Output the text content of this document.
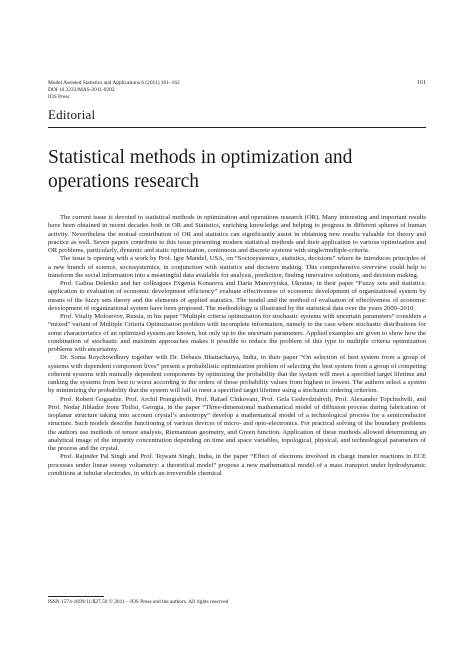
Model Assisted Statistics and Applications 6 (2011) 161–162
DOI 10.3233/MAS-2011-0202
IOS Press
161
Editorial
Statistical methods in optimization and
operations research

The current issue is devoted to statistical methods in optimization and operations research (OR). Many interesting and important results have been obtained in recent decades both in OR and Statistics, enriching knowledge and helping to progress in different spheres of human activity. Nevertheless the mutual contribution of OR and statistics can significantly assist in obtaining new results valuable for theory and practice as well. Seven papers contribute to this issue presenting modern statistical methods and their application to various optimization and OR problems, particularly, dynamic and static optimization, continuous and discrete systems with single/multiple-criteria.

The issue is opening with a work by Prof. Igor Mandel, USA, on “Sociosystemics, statistics, decisions” where he introduces principles of a new branch of science, sociosystemics, in conjunction with statistics and decision making. This comprehensive overview could help to transform the social information into a meaningful data available for analysis, prediction, finding innovative solutions, and decision making.

Prof. Galina Dolenko and her colleagues Evgenia Konareva and Daria Manovytska, Ukraine, in their paper “Fuzzy sets and statistics: application to evaluation of economic development efficiency” evaluate effectiveness of economic development of organizational system by means of the fuzzy sets theory and the elements of applied statistics. The model and the method of evaluation of effectiveness of economic development of organizational system have been proposed. The methodology is illustrated by the statistical data over the years 2009–2010.

Prof. Vitaliy Molostvov, Russia, in his paper “Multiple criteria optimization for stochastic systems with uncertain parameters” considers a “mixed” variant of Multiple Criteria Optimization problem with incomplete information, namely to the case where stochastic distributions for some characteristics of an optimized system are known, but only up to the uncertain parameters. Applied examples are given to show how the combination of stochastic and maximin approaches makes it possible to reduce the problem of this type to multiple criteria optimization problems with uncertainty.

Dr. Soma Roychowdhury together with Dr. Debasis Bhattacharya, India, in their paper “On selection of best system from a group of systems with dependent component lives” present a probabilistic optimization problem of selecting the best system from a group of competing coherent systems with mutually dependent components by optimizing the probability that the system will meet a specified target lifetime and ranking the systems from best to worst according to the orders of those probability values from highest to lowest. The authors select a system by minimizing the probability that the system will fail to meet a specified target lifetime using a stochastic ordering criterion.

Prof. Robert Gogsadze, Prof. Archil Prangishvili, Prof. Rafael Chikovani, Prof. Gela Gedevdzishvili, Prof. Alexander Topchishvili, and Prof. Nodar Jibladze from Tbilisi, Georgia, in the paper “Three-dimensional mathematical model of diffusion process during fabrication of isoplanar structure taking into account crystal’s anisotropy” develop a mathematical model of a technological process for a semiconductor structure. Such models describe functioning of various devices of micro- and opto-electronics. For practical solving of the boundary problems the authors use methods of tensor analysis, Riemannian geometry, and Green function. Application of these methods allowed determining an analytical image of the impurity concentration depending on time and space variables, topological, physical, and technological parameters of the process and the crystal.

Prof. Rajinder Pal Singh and Prof. Tejwant Singh, India, in the paper “Effect of electrons involved in charge transfer reactions in ECE processes under linear sweep voltametry: a theoretical model” propose a new mathematical model of a mass transport under hydrodynamic conditions at tubular electrodes, in which an irreversible chemical

ISSN 1574-1699/11/$27.50 © 2011 – IOS Press and the authors. All rights reserved
